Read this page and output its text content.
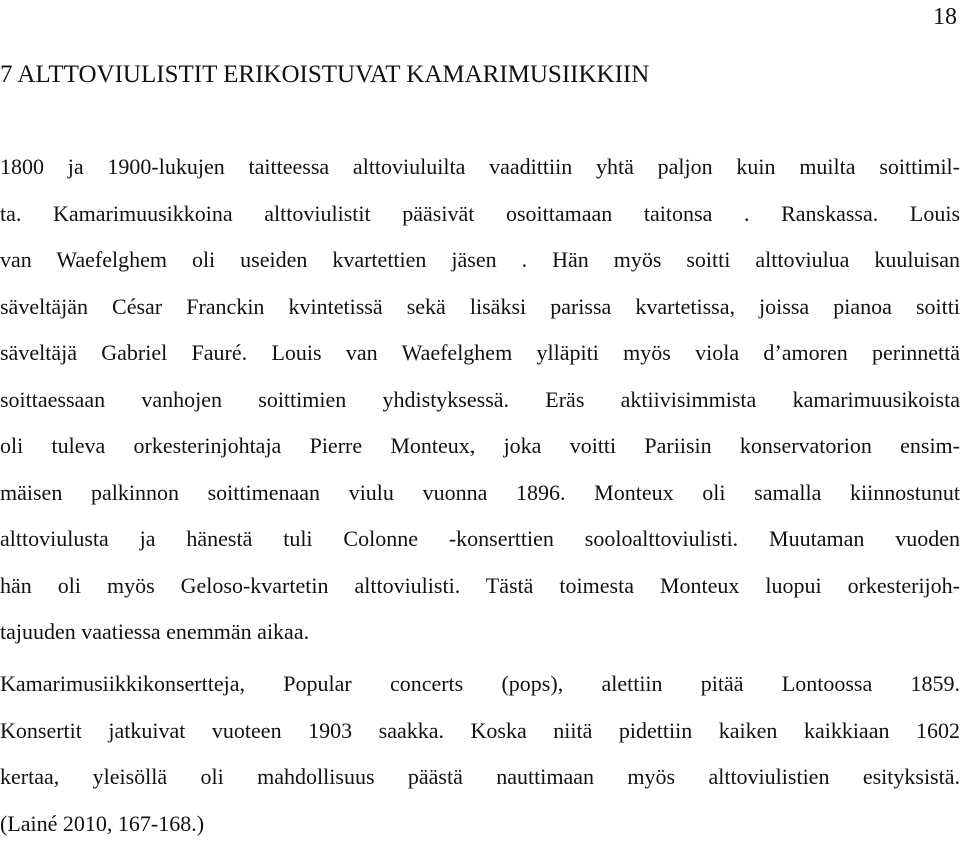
18
7 ALTTOVIULISTIT ERIKOISTUVAT KAMARIMUSIIKKIIN
1800 ja 1900-lukujen taitteessa alttoviuluilta vaadittiin yhtä paljon kuin muilta soittimil-
ta. Kamarimuusikkoina alttoviulistit pääsivät osoittamaan taitonsa . Ranskassa. Louis
van Waefelghem oli useiden kvartettien jäsen . Hän myös soitti alttoviulua kuuluisan
säveltäjän César Franckin kvintetissä sekä lisäksi parissa kvartetissa, joissa pianoa soitti
säveltäjä Gabriel Fauré. Louis van Waefelghem ylläpiti myös viola d’amoren perinnettä
soittaessaan vanhojen soittimien yhdistyksessä. Eräs aktiivisimmista kamarimuusikoista
oli tuleva orkesterinjohtaja Pierre Monteux, joka voitti Pariisin konservatorion ensim-
mäisen palkinnon soittimenaan viulu vuonna 1896. Monteux oli samalla kiinnostunut
alttoviulusta ja hänestä tuli Colonne -konserttien sooloalttoviulisti. Muutaman vuoden
hän oli myös Geloso-kvartetin alttoviulisti. Tästä toimesta Monteux luopui orkesterijoh-
tajuuden vaatiessa enemmän aikaa.
Kamarimusiikkikonsertteja, Popular concerts (pops), alettiin pitää Lontoossa 1859.
Konsertit jatkuivat vuoteen 1903 saakka. Koska niitä pidettiin kaiken kaikkiaan 1602
kertaa, yleisöllä oli mahdollisuus päästä nauttimaan myös alttoviulistien esityksistä.
(Lainé 2010, 167-168.)
